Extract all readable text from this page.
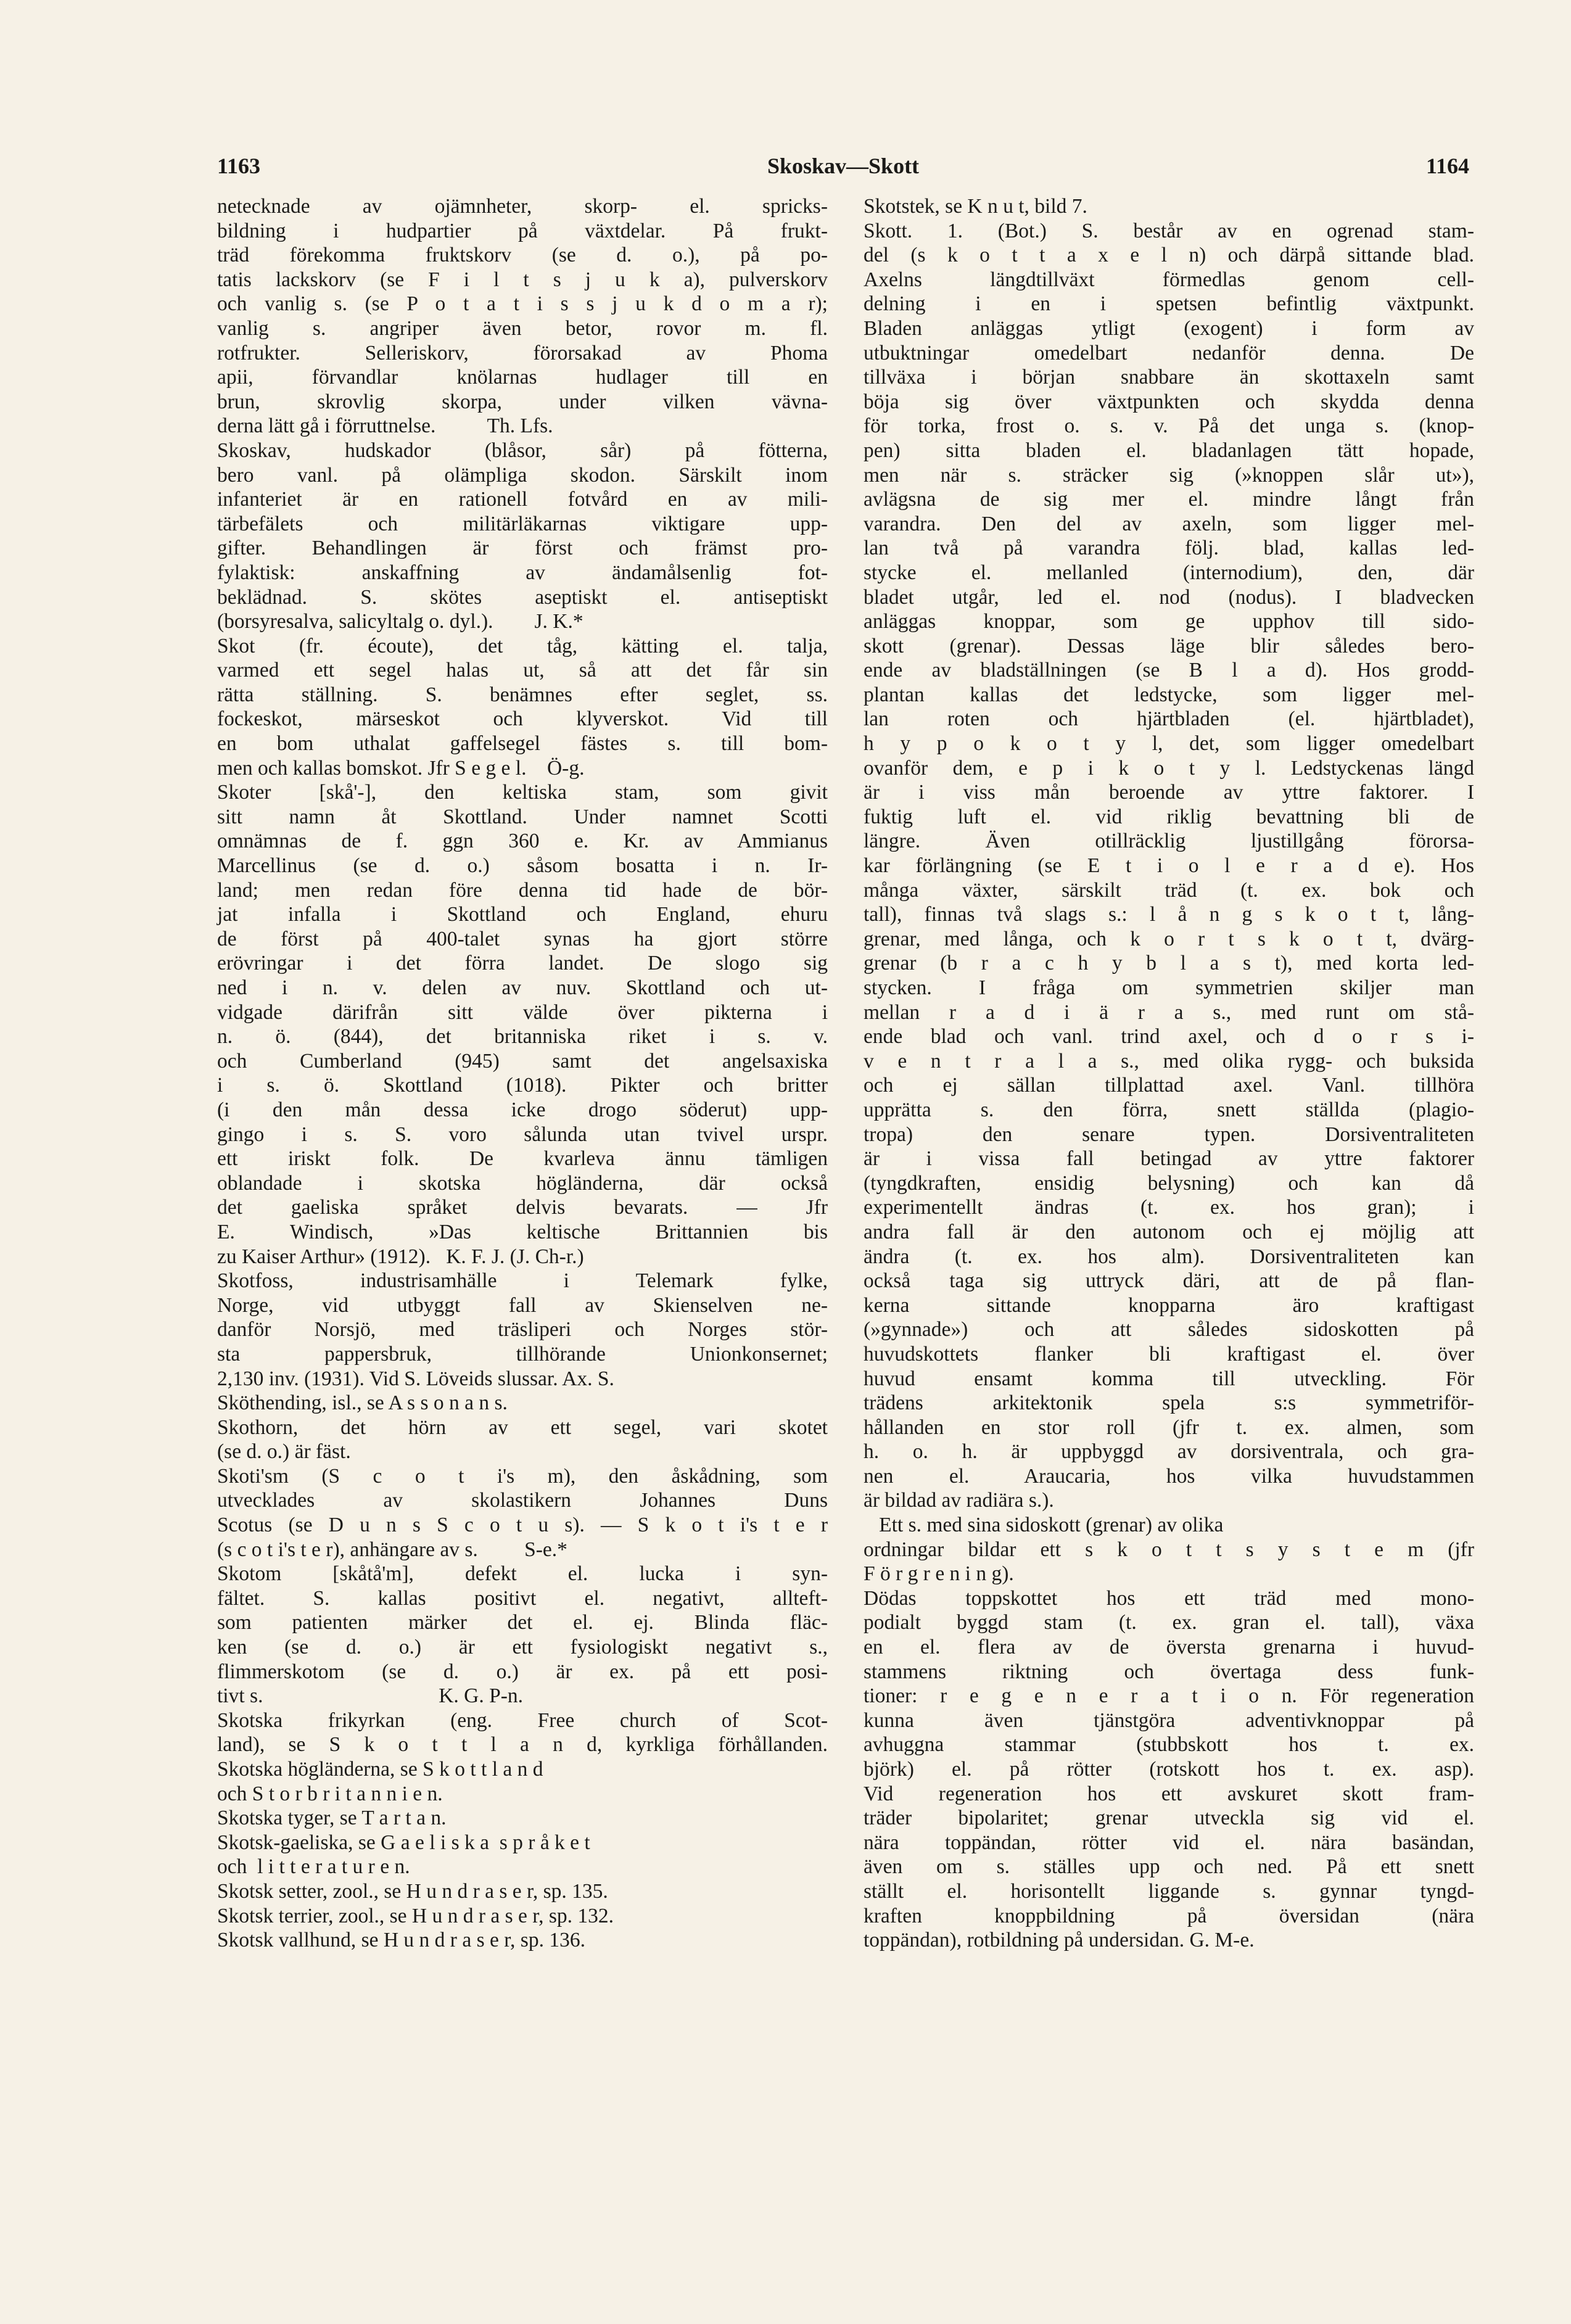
1163	Skoskav—Skott	1164
netecknade av ojämnheter, skorp- el. spricks-
bildning i hudpartier på växtdelar. På frukt-
träd förekomma fruktskorv (se d. o.), på po-
tatis lackskorv (se F i l t s j u k a), pulverskorv
och vanlig s. (se P o t a t i s s j u k d o m a r);
vanlig s. angriper även betor, rovor m. fl.
rotfrukter. Selleriskorv, förorsakad av Phoma
apii, förvandlar knölarnas hudlager till en
brun, skrovlig skorpa, under vilken vävna-
derna lätt gå i förruttnelse.          Th. Lfs.
Skoskav, hudskador (blåsor, sår) på fötterna,
bero vanl. på olämpliga skodon. Särskilt inom
infanteriet är en rationell fotvård en av mili-
tärbefälets och militärläkarnas viktigare upp-
gifter. Behandlingen är först och främst pro-
fylaktisk: anskaffning av ändamålsenlig fot-
beklädnad. S. skötes aseptiskt el. antiseptiskt
(borsyresalva, salicyltalg o. dyl.).        J. K.*
Skot (fr. écoute), det tåg, kätting el. talja,
varmed ett segel halas ut, så att det får sin
rätta ställning. S. benämnes efter seglet, ss.
fockeskot, märseskot och klyverskot. Vid till
en bom uthalat gaffelsegel fästes s. till bom-
men och kallas bomskot. Jfr S e g e l.    Ö-g.
Skoter [skå'-], den keltiska stam, som givit
sitt namn åt Skottland. Under namnet Scotti
omnämnas de f. ggn 360 e. Kr. av Ammianus
Marcellinus (se d. o.) såsom bosatta i n. Ir-
land; men redan före denna tid hade de bör-
jat infalla i Skottland och England, ehuru
de först på 400-talet synas ha gjort större
erövringar i det förra landet. De slogo sig
ned i n. v. delen av nuv. Skottland och ut-
vidgade därifrån sitt välde över pikterna i
n. ö. (844), det britanniska riket i s. v.
och Cumberland (945) samt det angelsaxiska
i s. ö. Skottland (1018). Pikter och britter
(i den mån dessa icke drogo söderut) upp-
gingo i s. S. voro sålunda utan tvivel urspr.
ett iriskt folk. De kvarleva ännu tämligen
oblandade i skotska högländerna, där också
det gaeliska språket delvis bevarats. — Jfr
E. Windisch, »Das keltische Brittannien bis
zu Kaiser Arthur» (1912).   K. F. J. (J. Ch-r.)
Skotfoss, industrisamhälle i Telemark fylke,
Norge, vid utbyggt fall av Skienselven ne-
danför Norsjö, med träsliperi och Norges stör-
sta pappersbruk, tillhörande Unionkonsernet;
2,130 inv. (1931). Vid S. Löveids slussar. Ax. S.
Sköthending, isl., se A s s o n a n s.
Skothorn, det hörn av ett segel, vari skotet
(se d. o.) är fäst.
Skoti'sm (S c o t i's m), den åskådning, som
utvecklades av skolastikern Johannes Duns
Scotus (se D u n s S c o t u s). — S k o t i's t e r
(s c o t i's t e r), anhängare av s.         S-e.*
Skotom [skåtå'm], defekt el. lucka i syn-
fältet. S. kallas positivt el. negativt, allteft-
som patienten märker det el. ej. Blinda fläc-
ken (se d. o.) är ett fysiologiskt negativt s.,
flimmerskotom (se d. o.) är ex. på ett posi-
tivt s.                                  K. G. P-n.
Skotska frikyrkan (eng. Free church of Scot-
land), se S k o t t l a n d, kyrkliga förhållanden.
Skotska högländerna, se S k o t t l a n d
och S t o r b r i t a n n i e n.
Skotska tyger, se T a r t a n.
Skotsk-gaeliska, se G a e l i s k a  s p r å k e t
och  l i t t e r a t u r e n.
Skotsk setter, zool., se H u n d r a s e r, sp. 135.
Skotsk terrier, zool., se H u n d r a s e r, sp. 132.
Skotsk vallhund, se H u n d r a s e r, sp. 136.
Skotstek, se K n u t, bild 7.
Skott. 1. (Bot.) S. består av en ogrenad stam-
del (s k o t t a x e l n) och därpå sittande blad.
Axelns längdtillväxt förmedlas genom cell-
delning i en i spetsen befintlig växtpunkt.
Bladen anläggas ytligt (exogent) i form av
utbuktningar omedelbart nedanför denna. De
tillväxa i början snabbare än skottaxeln samt
böja sig över växtpunkten och skydda denna
för torka, frost o. s. v. På det unga s. (knop-
pen) sitta bladen el. bladanlagen tätt hopade,
men när s. sträcker sig (»knoppen slår ut»),
avlägsna de sig mer el. mindre långt från
varandra. Den del av axeln, som ligger mel-
lan två på varandra följ. blad, kallas led-
stycke el. mellanled (internodium), den, där
bladet utgår, led el. nod (nodus). I bladvecken
anläggas knoppar, som ge upphov till sido-
skott (grenar). Dessas läge blir således bero-
ende av bladställningen (se B l a d). Hos grodd-
plantan kallas det ledstycke, som ligger mel-
lan roten och hjärtbladen (el. hjärtbladet),
h y p o k o t y l, det, som ligger omedelbart
ovanför dem, e p i k o t y l. Ledstyckenas längd
är i viss mån beroende av yttre faktorer. I
fuktig luft el. vid riklig bevattning bli de
längre. Även otillräcklig ljustillgång förorsa-
kar förlängning (se E t i o l e r a d e). Hos
många växter, särskilt träd (t. ex. bok och
tall), finnas två slags s.: l å n g s k o t t, lång-
grenar, med långa, och k o r t s k o t t, dvärg-
grenar (b r a c h y b l a s t), med korta led-
stycken. I fråga om symmetrien skiljer man
mellan r a d i ä r a s., med runt om stå-
ende blad och vanl. trind axel, och d o r s i-
v e n t r a l a s., med olika rygg- och buksida
och ej sällan tillplattad axel. Vanl. tillhöra
upprätta s. den förra, snett ställda (plagio-
tropa) den senare typen. Dorsiventraliteten
är i vissa fall betingad av yttre faktorer
(tyngdkraften, ensidig belysning) och kan då
experimentellt ändras (t. ex. hos gran); i
andra fall är den autonom och ej möjlig att
ändra (t. ex. hos alm). Dorsiventraliteten kan
också taga sig uttryck däri, att de på flan-
kerna sittande knopparna äro kraftigast
(»gynnade») och att således sidoskotten på
huvudskottets flanker bli kraftigast el. över
huvud ensamt komma till utveckling. För
trädens arkitektonik spela s:s symmetriför-
hållanden en stor roll (jfr t. ex. almen, som
h. o. h. är uppbyggd av dorsiventrala, och gra-
nen el. Araucaria, hos vilka huvudstammen
är bildad av radiära s.).
Ett s. med sina sidoskott (grenar) av olika
ordningar bildar ett s k o t t s y s t e m (jfr
F ö r g r e n i n g).
Dödas toppskottet hos ett träd med mono-
podialt byggd stam (t. ex. gran el. tall), växa
en el. flera av de översta grenarna i huvud-
stammens riktning och övertaga dess funk-
tioner: r e g e n e r a t i o n. För regeneration
kunna även tjänstgöra adventivknoppar på
avhuggna stammar (stubbskott hos t. ex.
björk) el. på rötter (rotskott hos t. ex. asp).
Vid regeneration hos ett avskuret skott fram-
träder bipolaritet; grenar utveckla sig vid el.
nära toppändan, rötter vid el. nära basändan,
även om s. ställes upp och ned. På ett snett
ställt el. horisontellt liggande s. gynnar tyngd-
kraften knoppbildning på översidan (nära
toppändan), rotbildning på undersidan. G. M-e.
